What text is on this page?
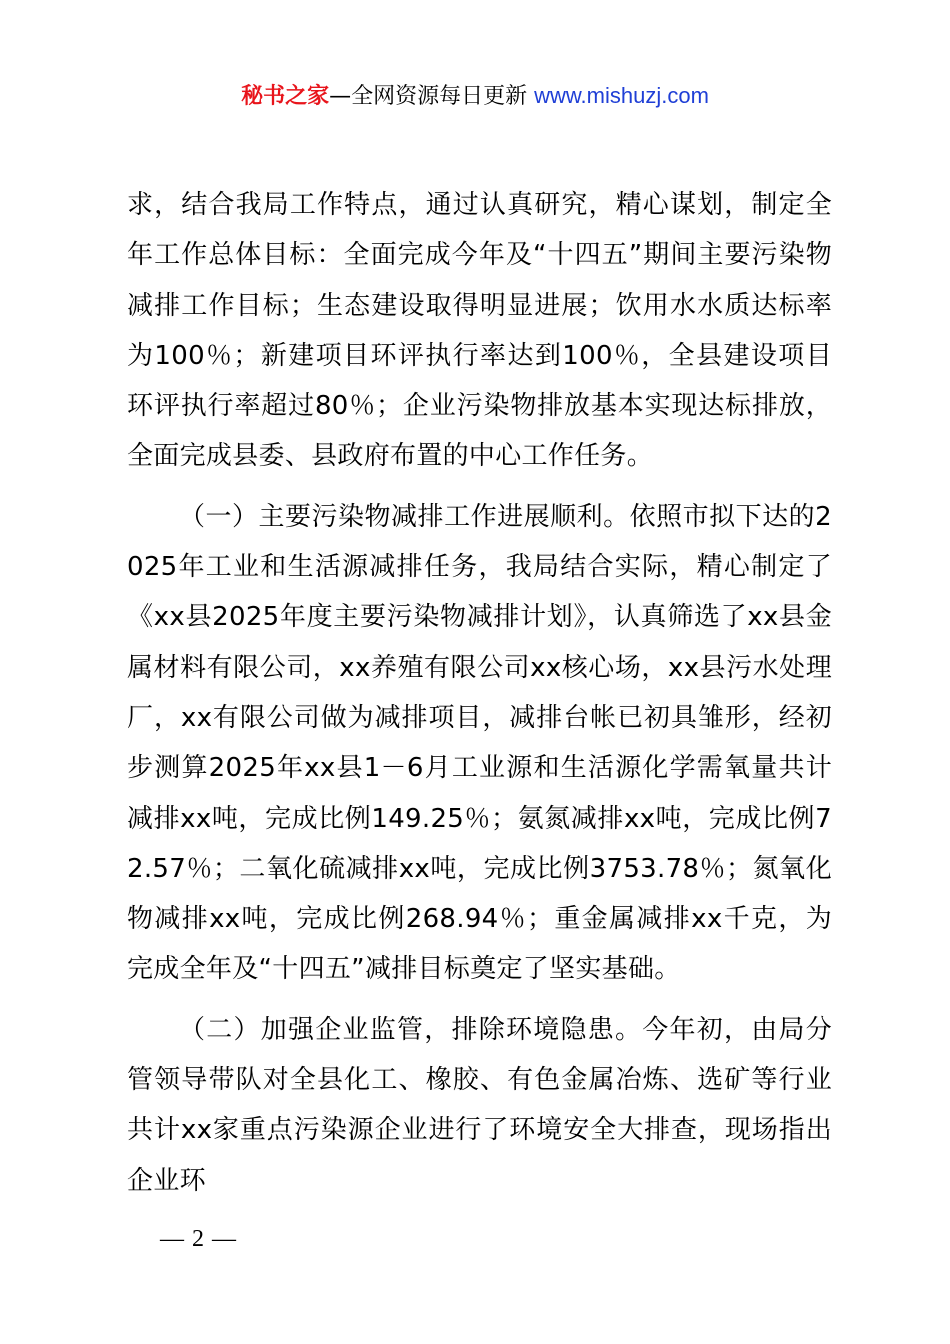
秘书之家—全网资源每日更新 www.mishuzj.com

求，结合我局工作特点，通过认真研究，精心谋划，制定全年工作总体目标：全面完成今年及“十四五”期间主要污染物减排工作目标；生态建设取得明显进展；饮用水水质达标率为100％；新建项目环评执行率达到100％，全县建设项目环评执行率超过80％；企业污染物排放基本实现达标排放，全面完成县委、县政府布置的中心工作任务。

（一）主要污染物减排工作进展顺利。依照市拟下达的2025年工业和生活源减排任务，我局结合实际，精心制定了《xx县2025年度主要污染物减排计划》，认真筛选了xx县金属材料有限公司，xx养殖有限公司xx核心场，xx县污水处理厂，xx有限公司做为减排项目，减排台帐已初具雏形，经初步测算2025年xx县1－6月工业源和生活源化学需氧量共计减排xx吨，完成比例149.25％；氨氮减排xx吨，完成比例72.57％；二氧化硫减排xx吨，完成比例3753.78％；氮氧化物减排xx吨，完成比例268.94％；重金属减排xx千克，为完成全年及“十四五”减排目标奠定了坚实基础。

（二）加强企业监管，排除环境隐患。今年初，由局分管领导带队对全县化工、橡胶、有色金属冶炼、选矿等行业共计xx家重点污染源企业进行了环境安全大排查，现场指出企业环

— 2 —
